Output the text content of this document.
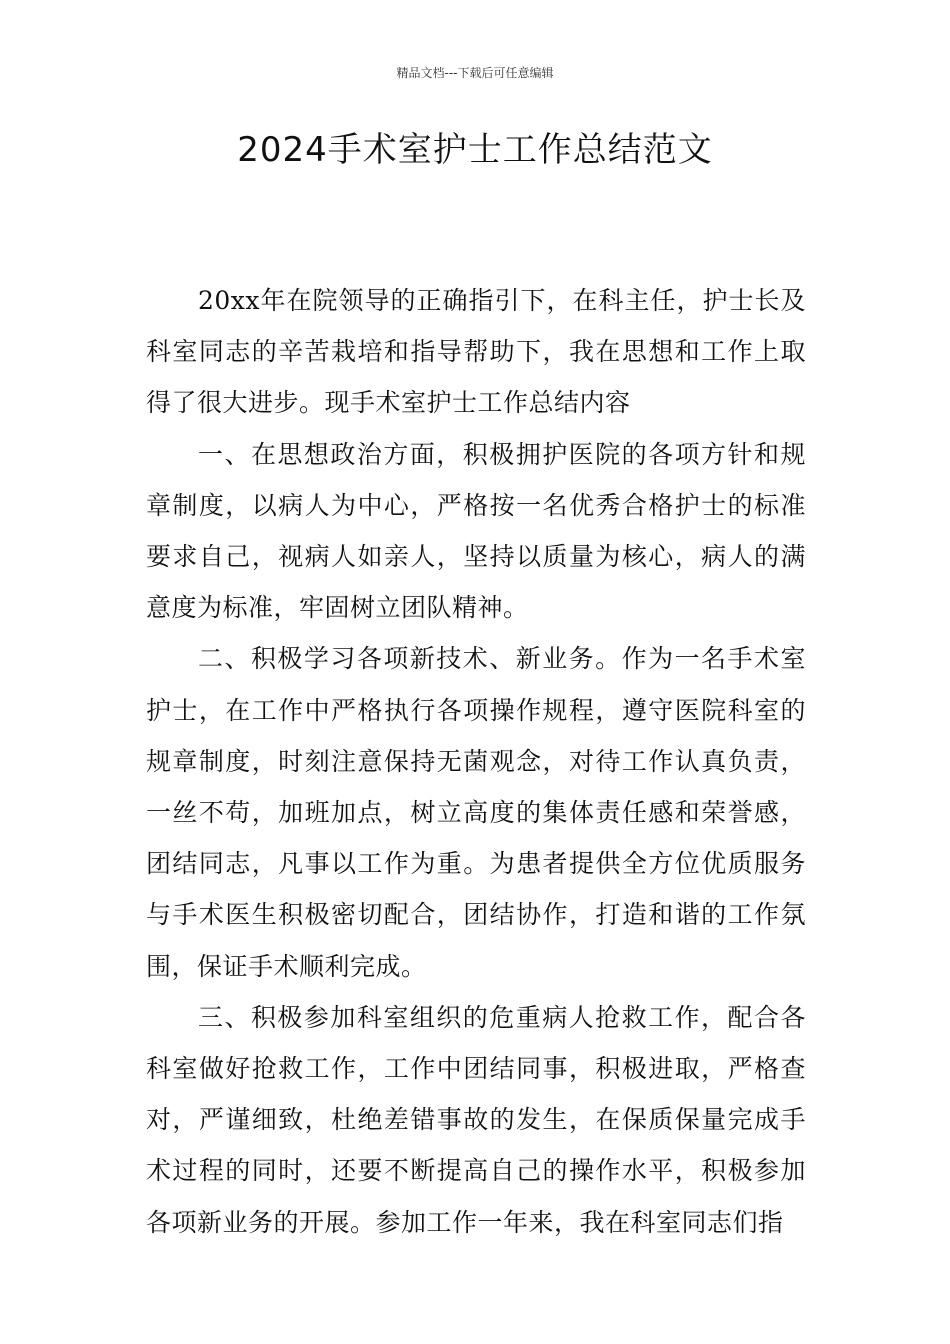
精品文档---下载后可任意编辑
2024手术室护士工作总结范文

20xx年在院领导的正确指引下，在科主任，护士长及科室同志的辛苦栽培和指导帮助下，我在思想和工作上取得了很大进步。现手术室护士工作总结内容

一、在思想政治方面，积极拥护医院的各项方针和规章制度，以病人为中心，严格按一名优秀合格护士的标准要求自己，视病人如亲人，坚持以质量为核心，病人的满意度为标准，牢固树立团队精神。

二、积极学习各项新技术、新业务。作为一名手术室护士，在工作中严格执行各项操作规程，遵守医院科室的规章制度，时刻注意保持无菌观念，对待工作认真负责，一丝不苟，加班加点，树立高度的集体责任感和荣誉感，团结同志，凡事以工作为重。为患者提供全方位优质服务与手术医生积极密切配合，团结协作，打造和谐的工作氛围，保证手术顺利完成。

三、积极参加科室组织的危重病人抢救工作，配合各科室做好抢救工作，工作中团结同事，积极进取，严格查对，严谨细致，杜绝差错事故的发生，在保质保量完成手术过程的同时，还要不断提高自己的操作水平，积极参加各项新业务的开展。参加工作一年来，我在科室同志们指
